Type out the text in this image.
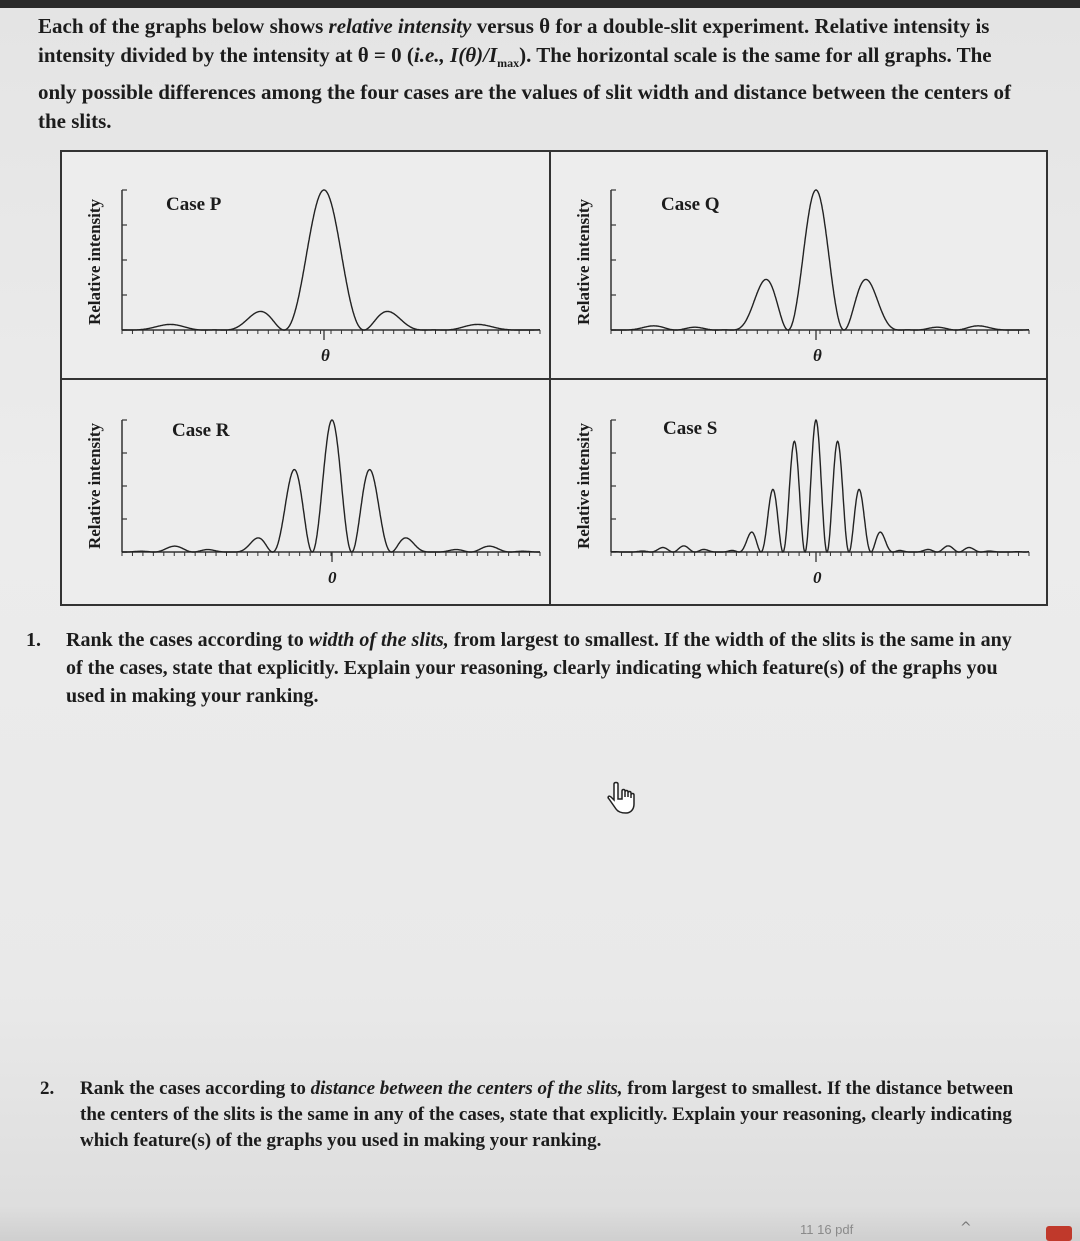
Each of the graphs below shows relative intensity versus θ for a double-slit experiment. Relative intensity is intensity divided by the intensity at θ = 0 (i.e., $I(\theta)/I_{max}$). The horizontal scale is the same for all graphs. The only possible differences among the four cases are the values of slit width and distance between the centers of the slits.
Relative intensity	Case P
θ
Relative intensity	Case Q
θ
Relative intensity	Case R
0
Relative intensity	Case S
0
1. Rank the cases according to width of the slits, from largest to smallest. If the width of the slits is the same in any of the cases, state that explicitly. Explain your reasoning, clearly indicating which feature(s) of the graphs you used in making your ranking.
2. Rank the cases according to distance between the centers of the slits, from largest to smallest. If the distance between the centers of the slits is the same in any of the cases, state that explicitly. Explain your reasoning, clearly indicating which feature(s) of the graphs you used in making your ranking.
11 16 pdf	^
